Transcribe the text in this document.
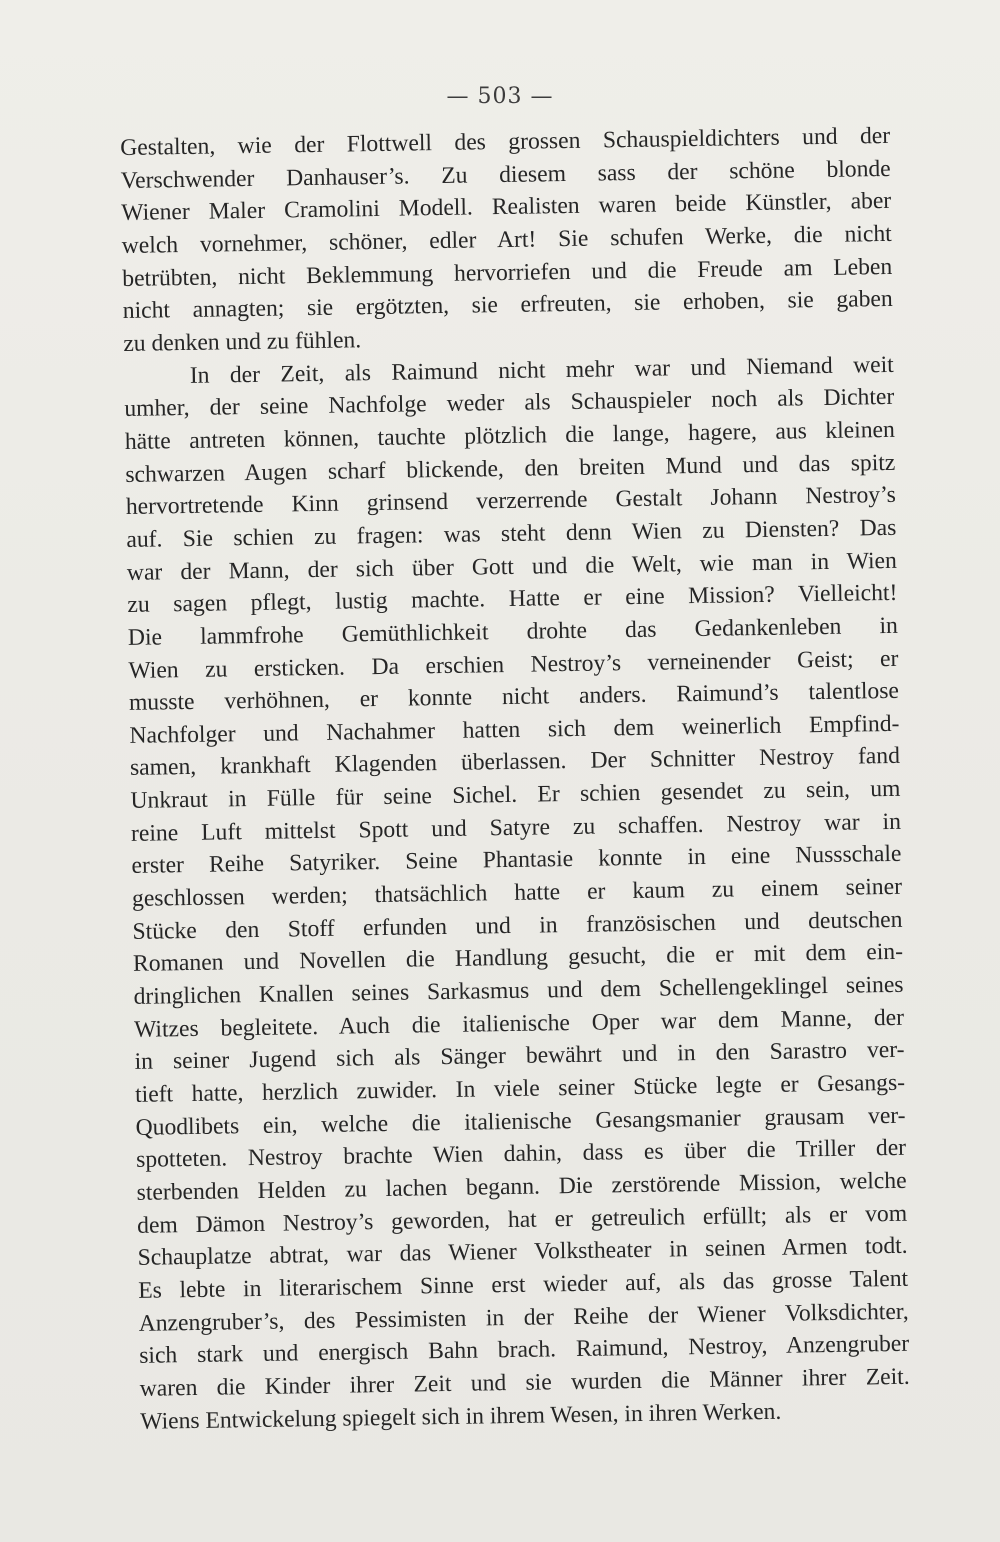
— 503 —

Gestalten, wie der Flottwell des grossen Schauspieldichters und der
Verschwender Danhauser’s. Zu diesem sass der schöne blonde
Wiener Maler Cramolini Modell. Realisten waren beide Künstler, aber
welch vornehmer, schöner, edler Art! Sie schufen Werke, die nicht
betrübten, nicht Beklemmung hervorriefen und die Freude am Leben
nicht annagten; sie ergötzten, sie erfreuten, sie erhoben, sie gaben
zu denken und zu fühlen.

In der Zeit, als Raimund nicht mehr war und Niemand weit
umher, der seine Nachfolge weder als Schauspieler noch als Dichter
hätte antreten können, tauchte plötzlich die lange, hagere, aus kleinen
schwarzen Augen scharf blickende, den breiten Mund und das spitz
hervortretende Kinn grinsend verzerrende Gestalt Johann Nestroy’s
auf. Sie schien zu fragen: was steht denn Wien zu Diensten? Das
war der Mann, der sich über Gott und die Welt, wie man in Wien
zu sagen pflegt, lustig machte. Hatte er eine Mission? Vielleicht!
Die lammfrohe Gemüthlichkeit drohte das Gedankenleben in
Wien zu ersticken. Da erschien Nestroy’s verneinender Geist; er
musste verhöhnen, er konnte nicht anders. Raimund’s talentlose
Nachfolger und Nachahmer hatten sich dem weinerlich Empfind-
samen, krankhaft Klagenden überlassen. Der Schnitter Nestroy fand
Unkraut in Fülle für seine Sichel. Er schien gesendet zu sein, um
reine Luft mittelst Spott und Satyre zu schaffen. Nestroy war in
erster Reihe Satyriker. Seine Phantasie konnte in eine Nussschale
geschlossen werden; thatsächlich hatte er kaum zu einem seiner
Stücke den Stoff erfunden und in französischen und deutschen
Romanen und Novellen die Handlung gesucht, die er mit dem ein-
dringlichen Knallen seines Sarkasmus und dem Schellengeklingel seines
Witzes begleitete. Auch die italienische Oper war dem Manne, der
in seiner Jugend sich als Sänger bewährt und in den Sarastro ver-
tieft hatte, herzlich zuwider. In viele seiner Stücke legte er Gesangs-
Quodlibets ein, welche die italienische Gesangsmanier grausam ver-
spotteten. Nestroy brachte Wien dahin, dass es über die Triller der
sterbenden Helden zu lachen begann. Die zerstörende Mission, welche
dem Dämon Nestroy’s geworden, hat er getreulich erfüllt; als er vom
Schauplatze abtrat, war das Wiener Volkstheater in seinen Armen todt.
Es lebte in literarischem Sinne erst wieder auf, als das grosse Talent
Anzengruber’s, des Pessimisten in der Reihe der Wiener Volksdichter,
sich stark und energisch Bahn brach. Raimund, Nestroy, Anzengruber
waren die Kinder ihrer Zeit und sie wurden die Männer ihrer Zeit.
Wiens Entwickelung spiegelt sich in ihrem Wesen, in ihren Werken.
